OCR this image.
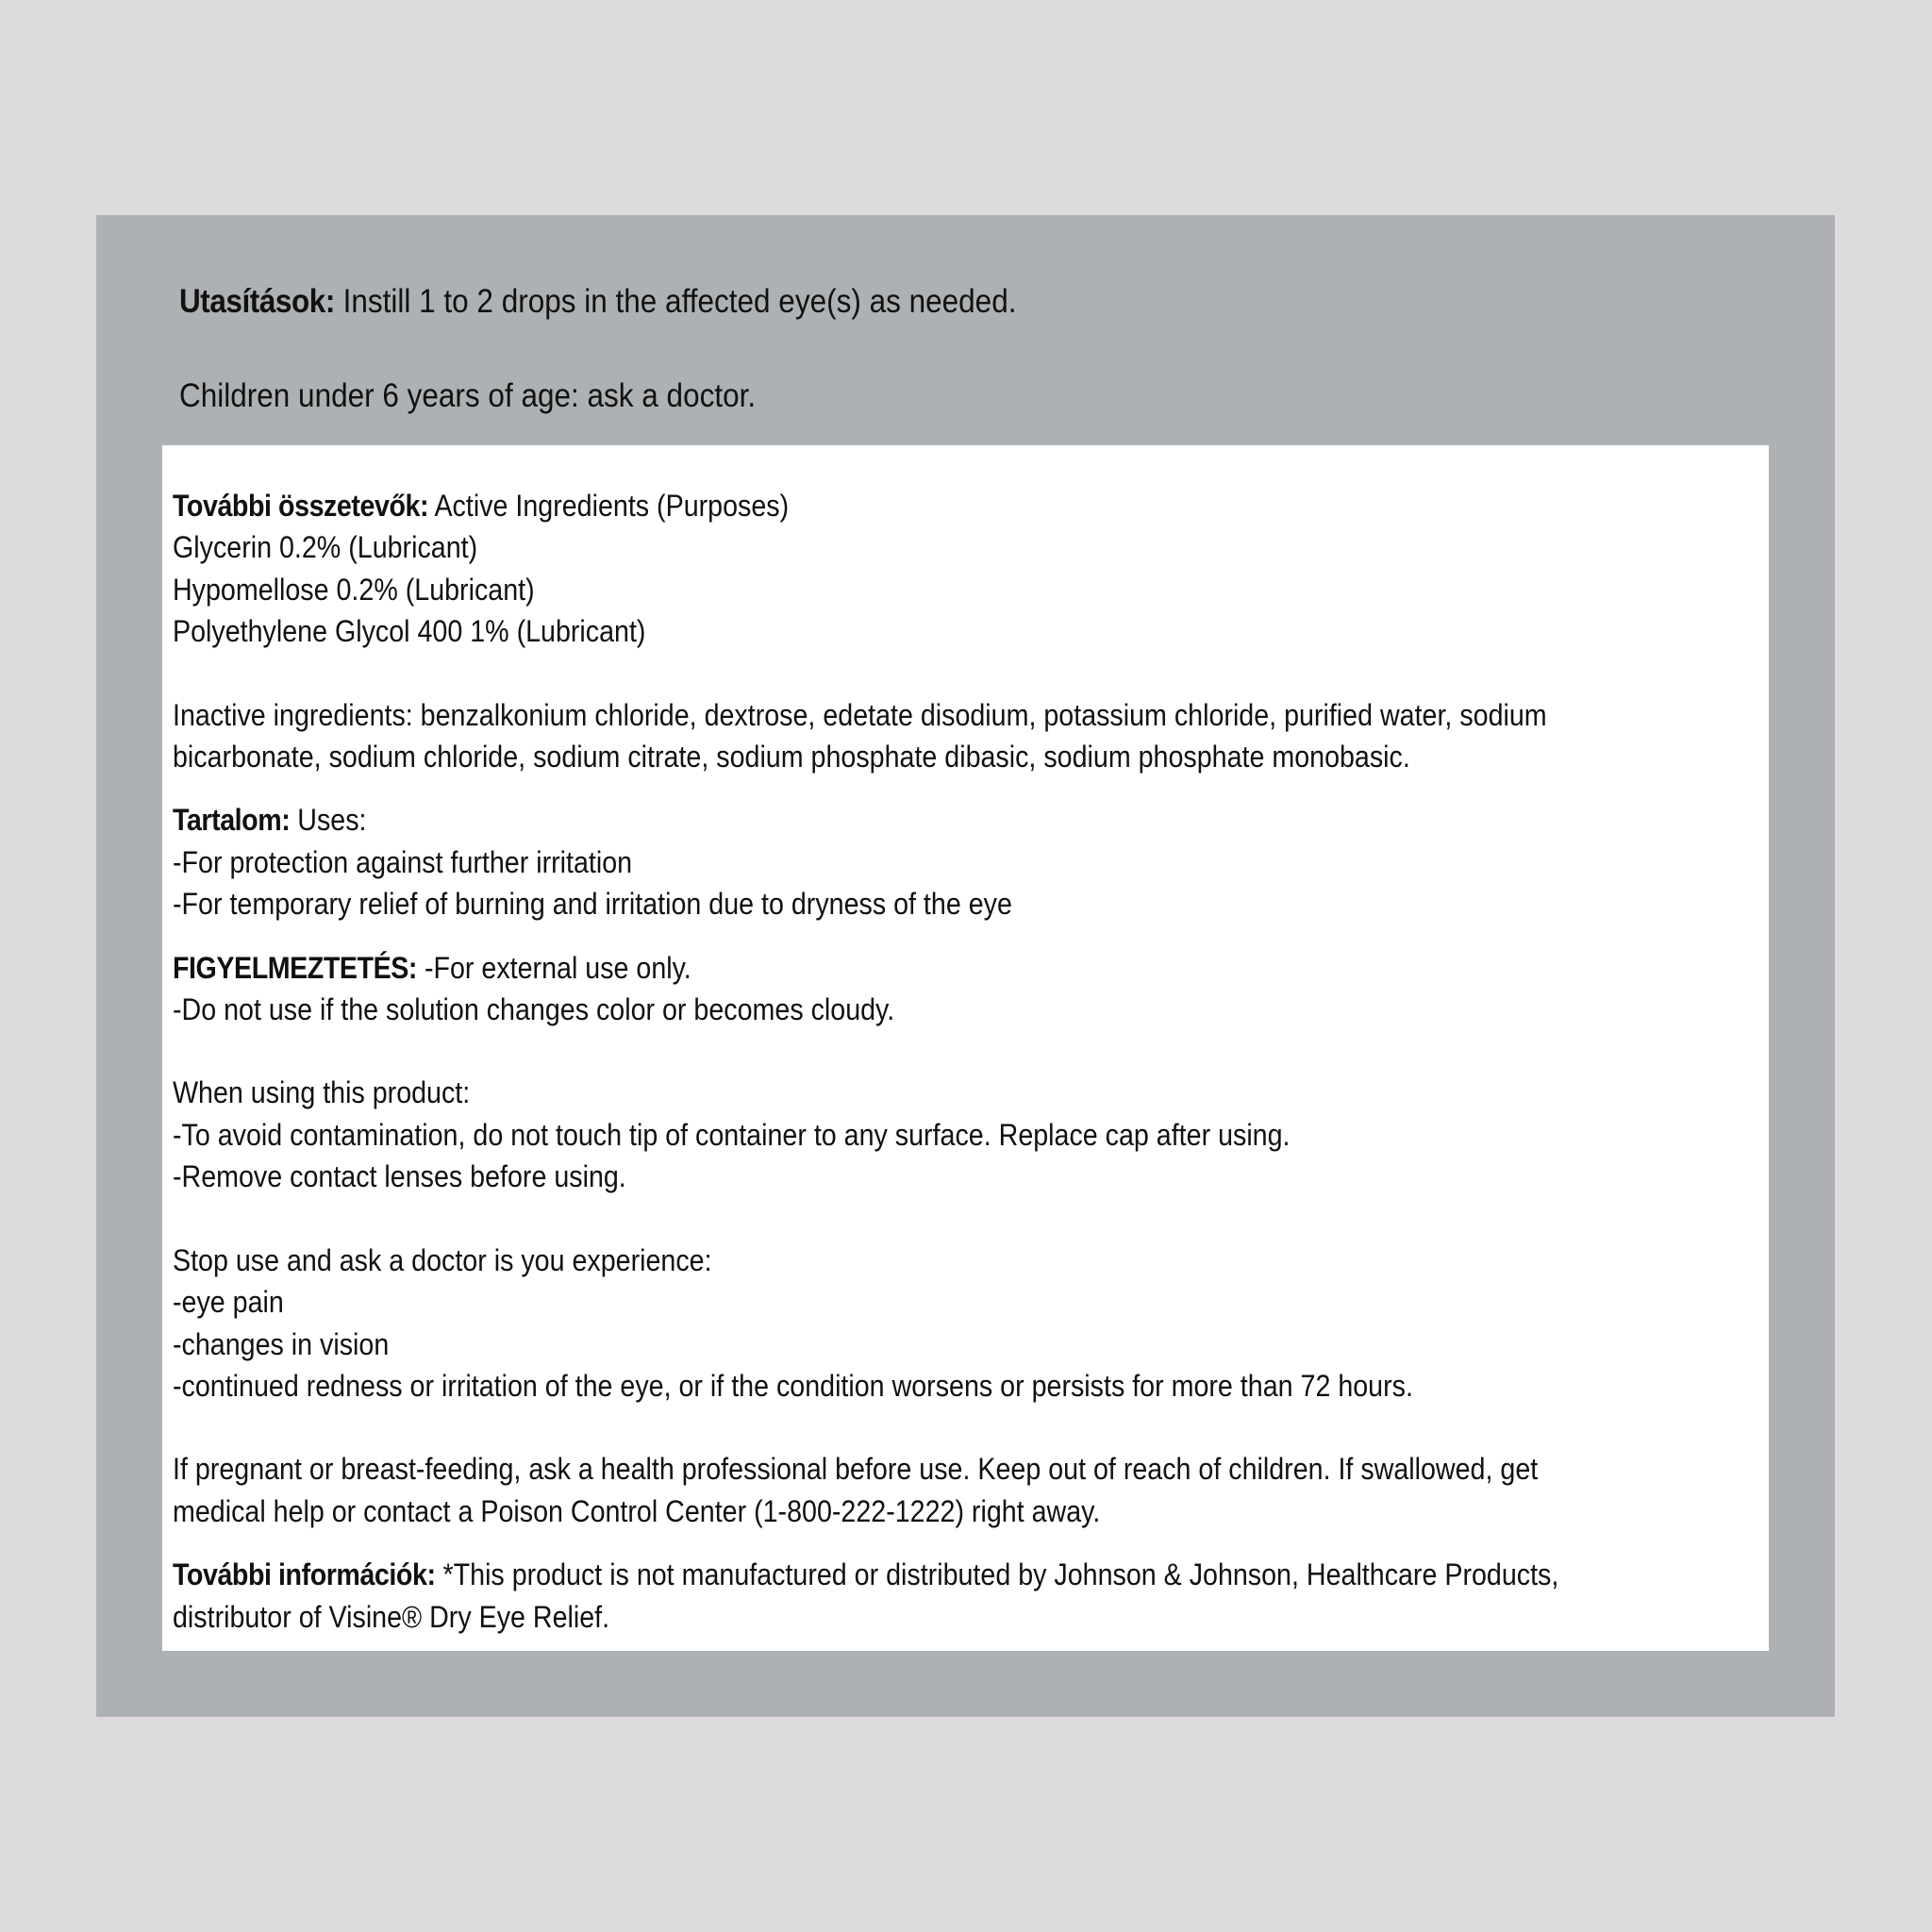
Utasítások: Instill 1 to 2 drops in the affected eye(s) as needed.

Children under 6 years of age: ask a doctor.

További összetevők: Active Ingredients (Purposes)

Glycerin 0.2% (Lubricant)

Hypomellose 0.2% (Lubricant)

Polyethylene Glycol 400 1% (Lubricant)

Inactive ingredients: benzalkonium chloride, dextrose, edetate disodium, potassium chloride, purified water, sodium

bicarbonate, sodium chloride, sodium citrate, sodium phosphate dibasic, sodium phosphate monobasic.

Tartalom: Uses:

-For protection against further irritation

-For temporary relief of burning and irritation due to dryness of the eye

FIGYELMEZTETÉS: -For external use only.

-Do not use if the solution changes color or becomes cloudy.

When using this product:

-To avoid contamination, do not touch tip of container to any surface. Replace cap after using.

-Remove contact lenses before using.

Stop use and ask a doctor is you experience:

-eye pain

-changes in vision

-continued redness or irritation of the eye, or if the condition worsens or persists for more than 72 hours.

If pregnant or breast-feeding, ask a health professional before use. Keep out of reach of children. If swallowed, get

medical help or contact a Poison Control Center (1-800-222-1222) right away.

További információk: *This product is not manufactured or distributed by Johnson & Johnson, Healthcare Products,

distributor of Visine® Dry Eye Relief.
